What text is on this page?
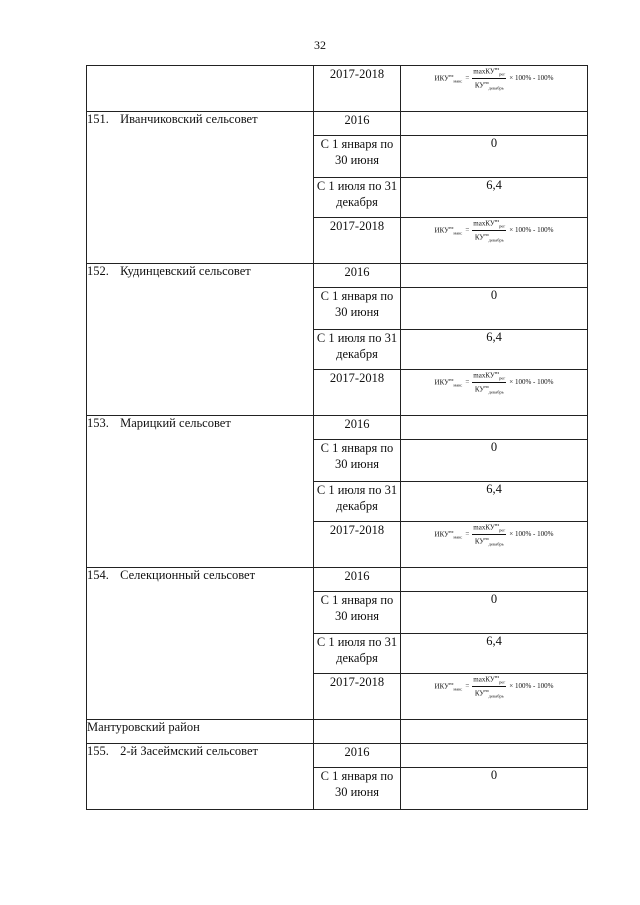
32
	2017-2018	$ИКУ^{нэ}_{макс} = \frac{\max КУ^{нэ}_{рег}}{КУ^{нэ}_{декабрь}} \times 100\% - 100\%$

151. Иванчиковский сельсовет	2016	
	С 1 января по 30 июня	0
	С 1 июля по 31 декабря	6,4
	2017-2018	$ИКУ^{нэ}_{макс} = \frac{\max КУ^{нэ}_{рег}}{КУ^{нэ}_{декабрь}} \times 100\% - 100\%$

152. Кудинцевский сельсовет	2016	
	С 1 января по 30 июня	0
	С 1 июля по 31 декабря	6,4
	2017-2018	$ИКУ^{нэ}_{макс} = \frac{\max КУ^{нэ}_{рег}}{КУ^{нэ}_{декабрь}} \times 100\% - 100\%$

153. Марицкий сельсовет	2016	
	С 1 января по 30 июня	0
	С 1 июля по 31 декабря	6,4
	2017-2018	$ИКУ^{нэ}_{макс} = \frac{\max КУ^{нэ}_{рег}}{КУ^{нэ}_{декабрь}} \times 100\% - 100\%$

154. Селекционный сельсовет	2016	
	С 1 января по 30 июня	0
	С 1 июля по 31 декабря	6,4
	2017-2018	$ИКУ^{нэ}_{макс} = \frac{\max КУ^{нэ}_{рег}}{КУ^{нэ}_{декабрь}} \times 100\% - 100\%$

Мантуровский район		
155. 2-й Засеймский сельсовет	2016	
	С 1 января по 30 июня	0
